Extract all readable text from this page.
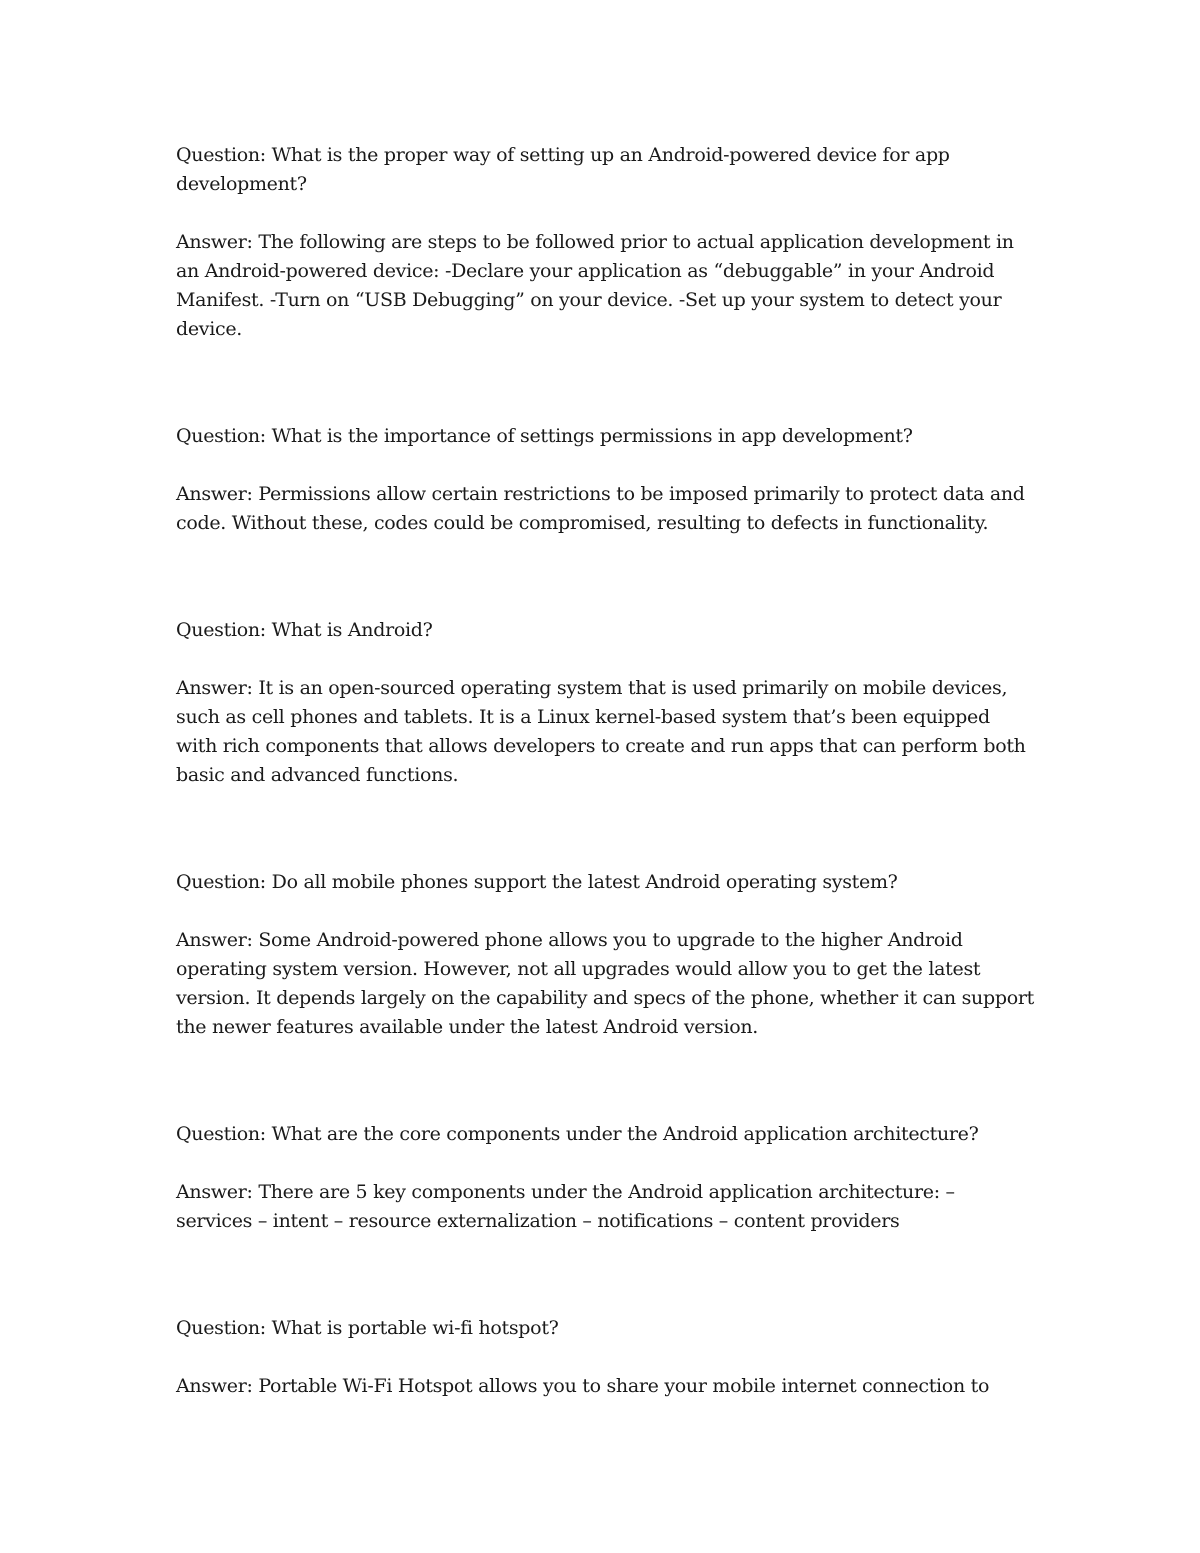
Question: What is the proper way of setting up an Android-powered device for app development?

Answer: The following are steps to be followed prior to actual application development in an Android-powered device: -Declare your application as “debuggable” in your Android Manifest. -Turn on “USB Debugging” on your device. -Set up your system to detect your device.

Question: What is the importance of settings permissions in app development?

Answer: Permissions allow certain restrictions to be imposed primarily to protect data and code. Without these, codes could be compromised, resulting to defects in functionality.

Question: What is Android?

Answer: It is an open-sourced operating system that is used primarily on mobile devices, such as cell phones and tablets. It is a Linux kernel-based system that’s been equipped with rich components that allows developers to create and run apps that can perform both basic and advanced functions.

Question: Do all mobile phones support the latest Android operating system?

Answer: Some Android-powered phone allows you to upgrade to the higher Android operating system version. However, not all upgrades would allow you to get the latest version. It depends largely on the capability and specs of the phone, whether it can support the newer features available under the latest Android version.

Question: What are the core components under the Android application architecture?

Answer: There are 5 key components under the Android application architecture: – services – intent – resource externalization – notifications – content providers

Question: What is portable wi-fi hotspot?

Answer: Portable Wi-Fi Hotspot allows you to share your mobile internet connection to
